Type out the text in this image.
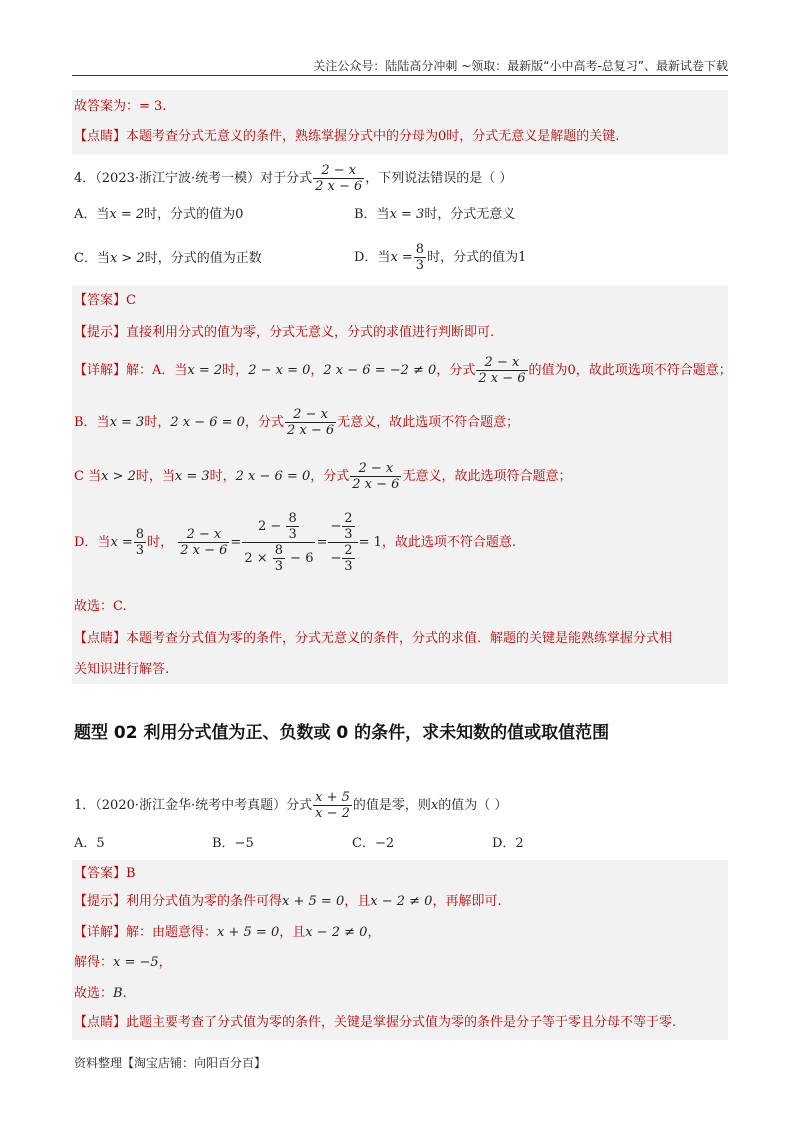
关注公众号：陆陆高分冲刺 ~领取：最新版“小中高考-总复习”、最新试卷下载
故答案为：= 3.
【点睛】本题考查分式无意义的条件，熟练掌握分式中的分母为0时，分式无意义是解题的关键.
4．（2023·浙江宁波·统考一模）对于分式 $\frac{2 - x}{2 x - 6}$ ，下列说法错误的是（ ）
A．当x = 2时，分式的值为0	B．当x = 3时，分式无意义
C．当x > 2时，分式的值为正数	D．当$x = \frac{8}{3}$ 时，分式的值为1
【答案】C
【提示】直接利用分式的值为零，分式无意义，分式的求值进行判断即可.
【详解】解：A．当x = 2时，2 − x = 0，2 x − 6 = −2 ≠ 0，分式 $\frac{2 - x}{2 x - 6}$ 的值为0，故此项选项不符合题意；
B．当x = 3时，2 x − 6 = 0，分式 $\frac{2 - x}{2 x - 6}$ 无意义，故此选项不符合题意；
C 当x > 2时，当x = 3时，2 x − 6 = 0，分式 $\frac{2 - x}{2 x - 6}$ 无意义，故此选项符合题意；
D．当$x = \frac{8}{3}$ 时， $\frac{2 - x}{2 x - 6} = \frac{2 - \frac{8}{3}}{2 \times \frac{8}{3} - 6} = \frac{- \frac{2}{3}}{- \frac{2}{3}} = 1$，故此选项不符合题意.
故选：C.
【点睛】本题考查分式值为零的条件，分式无意义的条件，分式的求值．解题的关键是能熟练掌握分式相
关知识进行解答.
题型 02 利用分式值为正、负数或 0 的条件，求未知数的值或取值范围
1．（2020·浙江金华·统考中考真题）分式 $\frac{x + 5}{x - 2}$ 的值是零，则x的值为（ ）
A．5	B．−5	C．−2	D．2
【答案】B
【提示】利用分式值为零的条件可得x + 5 = 0，且x − 2 ≠ 0，再解即可.
【详解】解：由题意得：x + 5 = 0，且x − 2 ≠ 0，
解得：x = −5，
故选：B.
【点睛】此题主要考查了分式值为零的条件，关键是掌握分式值为零的条件是分子等于零且分母不等于零.
资料整理【淘宝店铺：向阳百分百】
